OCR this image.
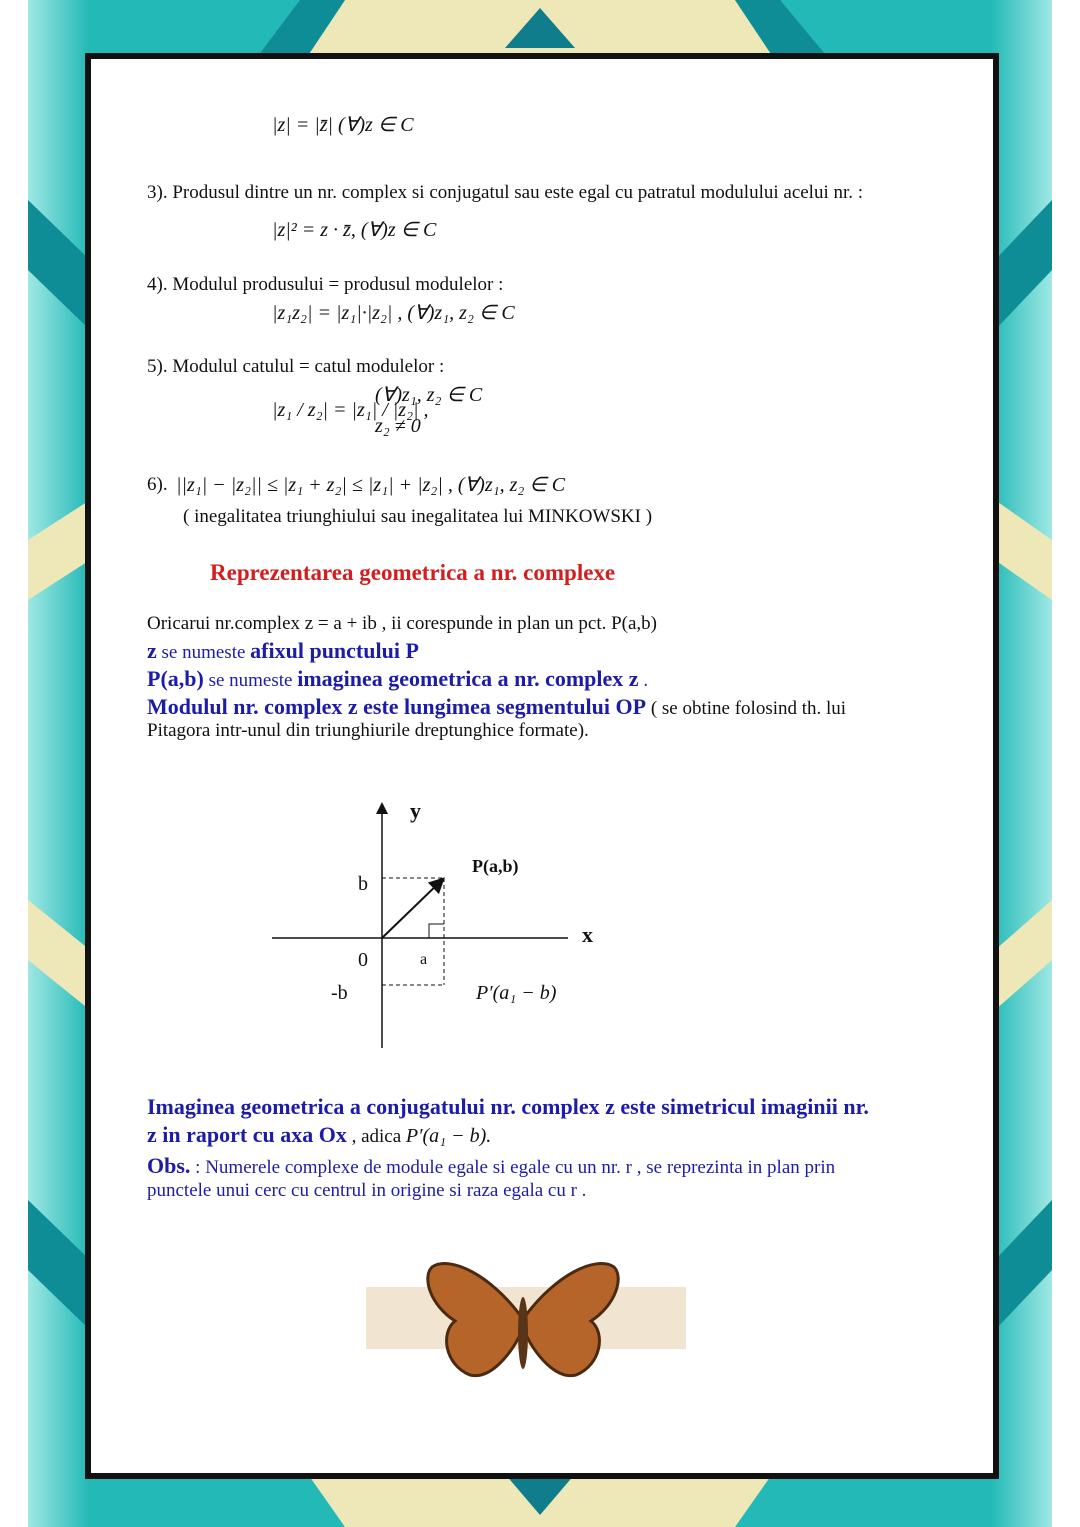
|z| = |z̄| (∀)z ∈ C
3). Produsul dintre un nr. complex si conjugatul sau este egal cu patratul modulului acelui nr. :
|z|² = z · z̄, (∀)z ∈ C
4). Modulul produsului = produsul modulelor :
|z₁z₂| = |z₁|·|z₂| , (∀)z₁, z₂ ∈ C
5). Modulul catulul = catul modulelor :
|z₁ / z₂| = |z₁| / |z₂| ,
(∀)z₁, z₂ ∈ C
z₂ ≠ 0
6). ||z₁| − |z₂|| ≤ |z₁ + z₂| ≤ |z₁| + |z₂| , (∀)z₁, z₂ ∈ C
( inegalitatea triunghiului sau inegalitatea lui MINKOWSKI )
Reprezentarea geometrica a nr. complexe
Oricarui nr.complex z = a + ib , ii corespunde in plan un pct. P(a,b)
z se numeste afixul punctului P
P(a,b) se numeste imaginea geometrica a nr. complex z .
Modulul nr. complex z este lungimea segmentului OP ( se obtine folosind th. lui
Pitagora intr-unul din triunghiurile dreptunghice formate).
y
b
P(a,b)
x
0	a
-b	P′(a₁ − b)
Imaginea geometrica a conjugatului nr. complex z este simetricul imaginii nr.
z in raport cu axa Ox , adica P′(a₁ − b).
Obs. : Numerele complexe de module egale si egale cu un nr. r , se reprezinta in plan prin
punctele unui cerc cu centrul in origine si raza egala cu r .
